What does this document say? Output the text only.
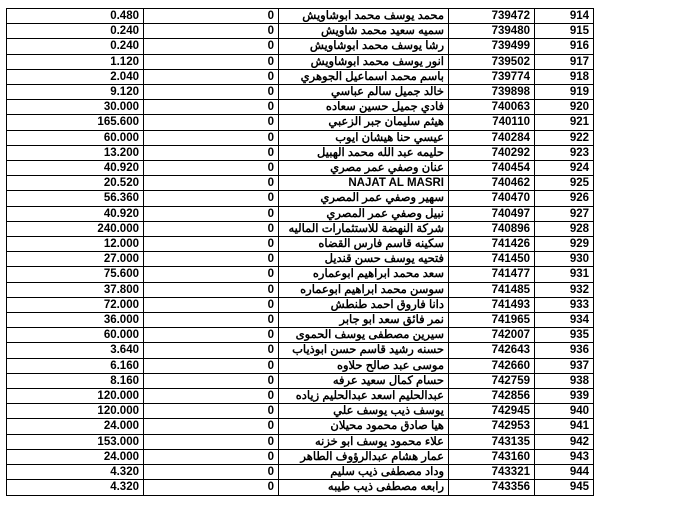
0.480	0	محمد يوسف محمد ابوشاويش	739472	914
0.240	0	سميه سعيد محمد شاويش	739480	915
0.240	0	رشا يوسف محمد ابوشاويش	739499	916
1.120	0	انور يوسف محمد ابوشاويش	739502	917
2.040	0	باسم محمد اسماعيل الجوهري	739774	918
9.120	0	خالد جميل سالم عباسي	739898	919
30.000	0	فادي جميل حسين سعاده	740063	920
165.600	0	هيثم سليمان جبر الزعبي	740110	921
60.000	0	عيسي حنا هيشان ايوب	740284	922
13.200	0	حليمه عبد الله محمد الهبيل	740292	923
40.920	0	عنان وصفي عمر مصري	740454	924
20.520	0	NAJAT AL MASRI	740462	925
56.360	0	سهير وصفي عمر المصري	740470	926
40.920	0	نبيل وصفي عمر المصري	740497	927
240.000	0	شركة النهضة للاستثمارات الماليه	740896	928
12.000	0	سكينه قاسم فارس القضاه	741426	929
27.000	0	فتحيه يوسف حسن قنديل	741450	930
75.600	0	سعد محمد ابراهيم ابوعماره	741477	931
37.800	0	سوسن محمد ابراهيم ابوعماره	741485	932
72.000	0	دانا فاروق احمد طنطش	741493	933
36.000	0	نمر فائق سعد ابو جابر	741965	934
60.000	0	سيرين مصطفى يوسف الحموى	742007	935
3.640	0	حسنه رشيد قاسم حسن ابوذياب	742643	936
6.160	0	موسى عبد صالح حلاوه	742660	937
8.160	0	حسام كمال سعيد عرفه	742759	938
120.000	0	عبدالحليم اسعد عبدالحليم زياده	742856	939
120.000	0	يوسف ذيب يوسف علي	742945	940
24.000	0	هيا صادق محمود محيلان	742953	941
153.000	0	علاء محمود يوسف ابو خزنه	743135	942
24.000	0	عمار هشام عبدالرؤوف الطاهر	743160	943
4.320	0	وداد مصطفى ذيب سليم	743321	944
4.320	0	رابعه مصطفى ذيب طيبه	743356	945
